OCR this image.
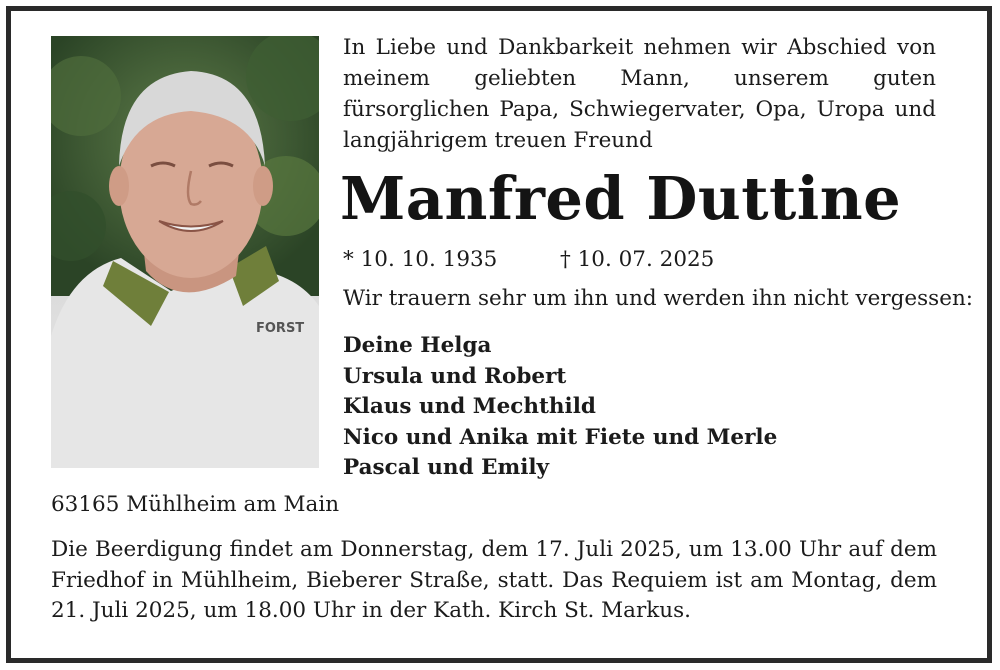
FORST
In Liebe und Dankbarkeit nehmen wir Abschied von meinem geliebten Mann, unserem guten fürsorglichen Papa, Schwiegervater, Opa, Uropa und langjährigem treuen Freund
Manfred Duttine
* 10. 10. 1935	† 10. 07. 2025
Wir trauern sehr um ihn und werden ihn nicht vergessen:
Deine Helga
Ursula und Robert
Klaus und Mechthild
Nico und Anika mit Fiete und Merle
Pascal und Emily
63165 Mühlheim am Main
Die Beerdigung findet am Donnerstag, dem 17. Juli 2025, um 13.00 Uhr auf dem Friedhof in Mühlheim, Bieberer Straße, statt. Das Requiem ist am Montag, dem 21. Juli 2025, um 18.00 Uhr in der Kath. Kirch St. Markus.
